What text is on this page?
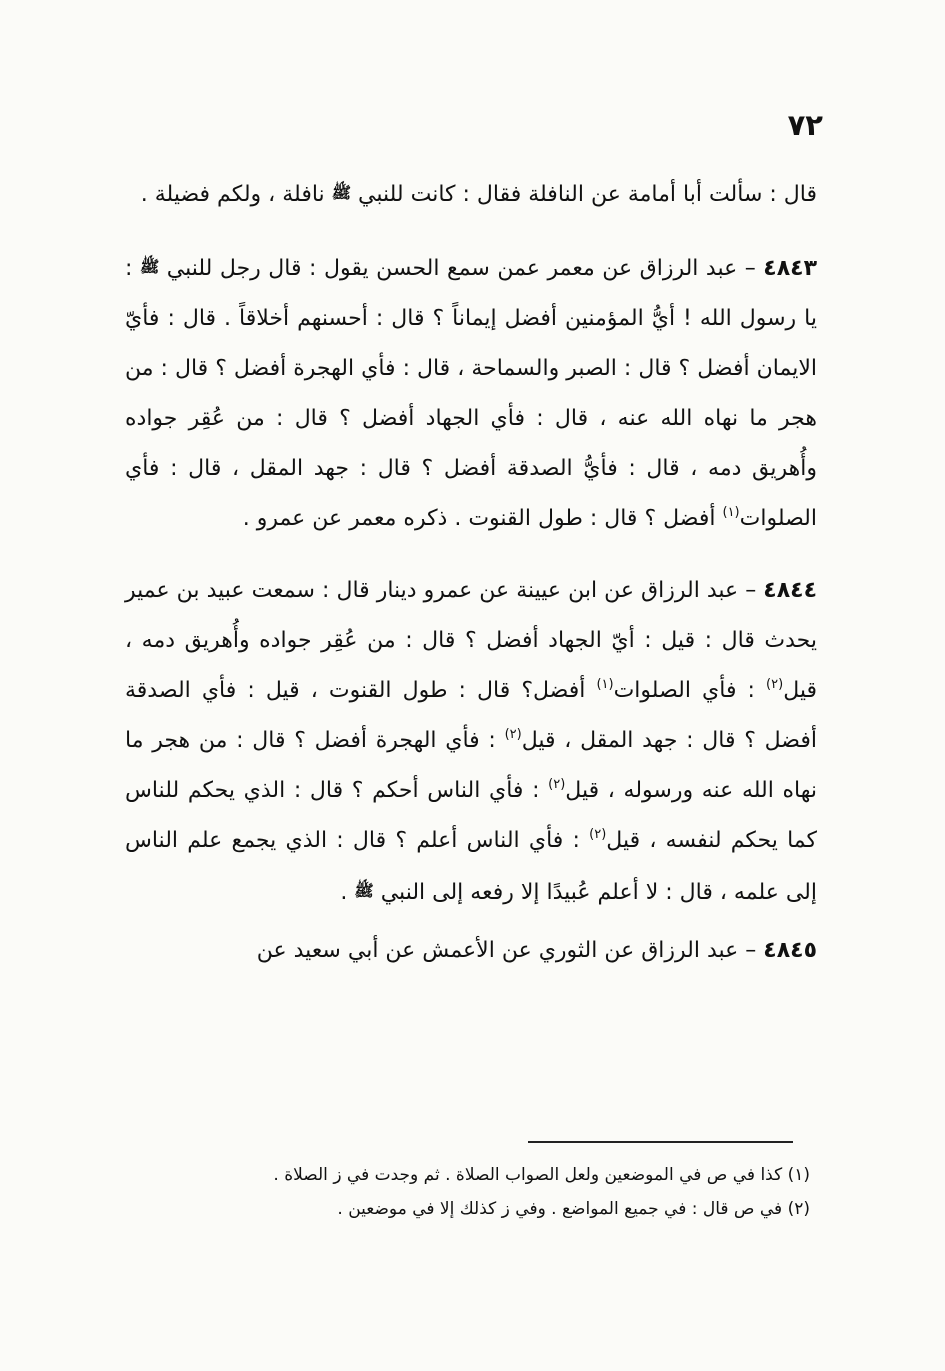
٧٢

قال : سألت أبا أمامة عن النافلة فقال : كانت للنبي ﷺ نافلة ، ولكم فضيلة .

٤٨٤٣ – عبد الرزاق عن معمر عمن سمع الحسن يقول : قال رجل للنبي ﷺ : يا رسول الله ! أيُّ المؤمنين أفضل إيماناً ؟ قال : أحسنهم أخلاقاً . قال : فأيّ الايمان أفضل ؟ قال : الصبر والسماحة ، قال : فأي الهجرة أفضل ؟ قال : من هجر ما نهاه الله عنه ، قال : فأي الجهاد أفضل ؟ قال : من عُقِر جواده وأُهريق دمه ، قال : فأيُّ الصدقة أفضل ؟ قال : جهد المقل ، قال : فأي الصلوات$^{(١)}$ أفضل ؟ قال : طول القنوت . ذكره معمر عن عمرو .

٤٨٤٤ – عبد الرزاق عن ابن عيينة عن عمرو دينار قال : سمعت عبيد بن عمير يحدث قال : قيل : أيّ الجهاد أفضل ؟ قال : من عُقِر جواده وأُهريق دمه ، قيل$^{(٢)}$ : فأي الصلوات$^{(١)}$ أفضل؟ قال : طول القنوت ، قيل : فأي الصدقة أفضل ؟ قال : جهد المقل ، قيل$^{(٢)}$ : فأي الهجرة أفضل ؟ قال : من هجر ما نهاه الله عنه ورسوله ، قيل$^{(٢)}$ : فأي الناس أحكم ؟ قال : الذي يحكم للناس كما يحكم لنفسه ، قيل$^{(٢)}$ : فأي الناس أعلم ؟ قال : الذي يجمع علم الناس إلى علمه ، قال : لا أعلم عُبيدًا إلا رفعه إلى النبي ﷺ .

٤٨٤٥ – عبد الرزاق عن الثوري عن الأعمش عن أبي سعيد عن

(١) كذا في ص في الموضعين ولعل الصواب الصلاة . ثم وجدت في ز الصلاة .

(٢) في ص قال : في جميع المواضع . وفي ز كذلك إلا في موضعين .
